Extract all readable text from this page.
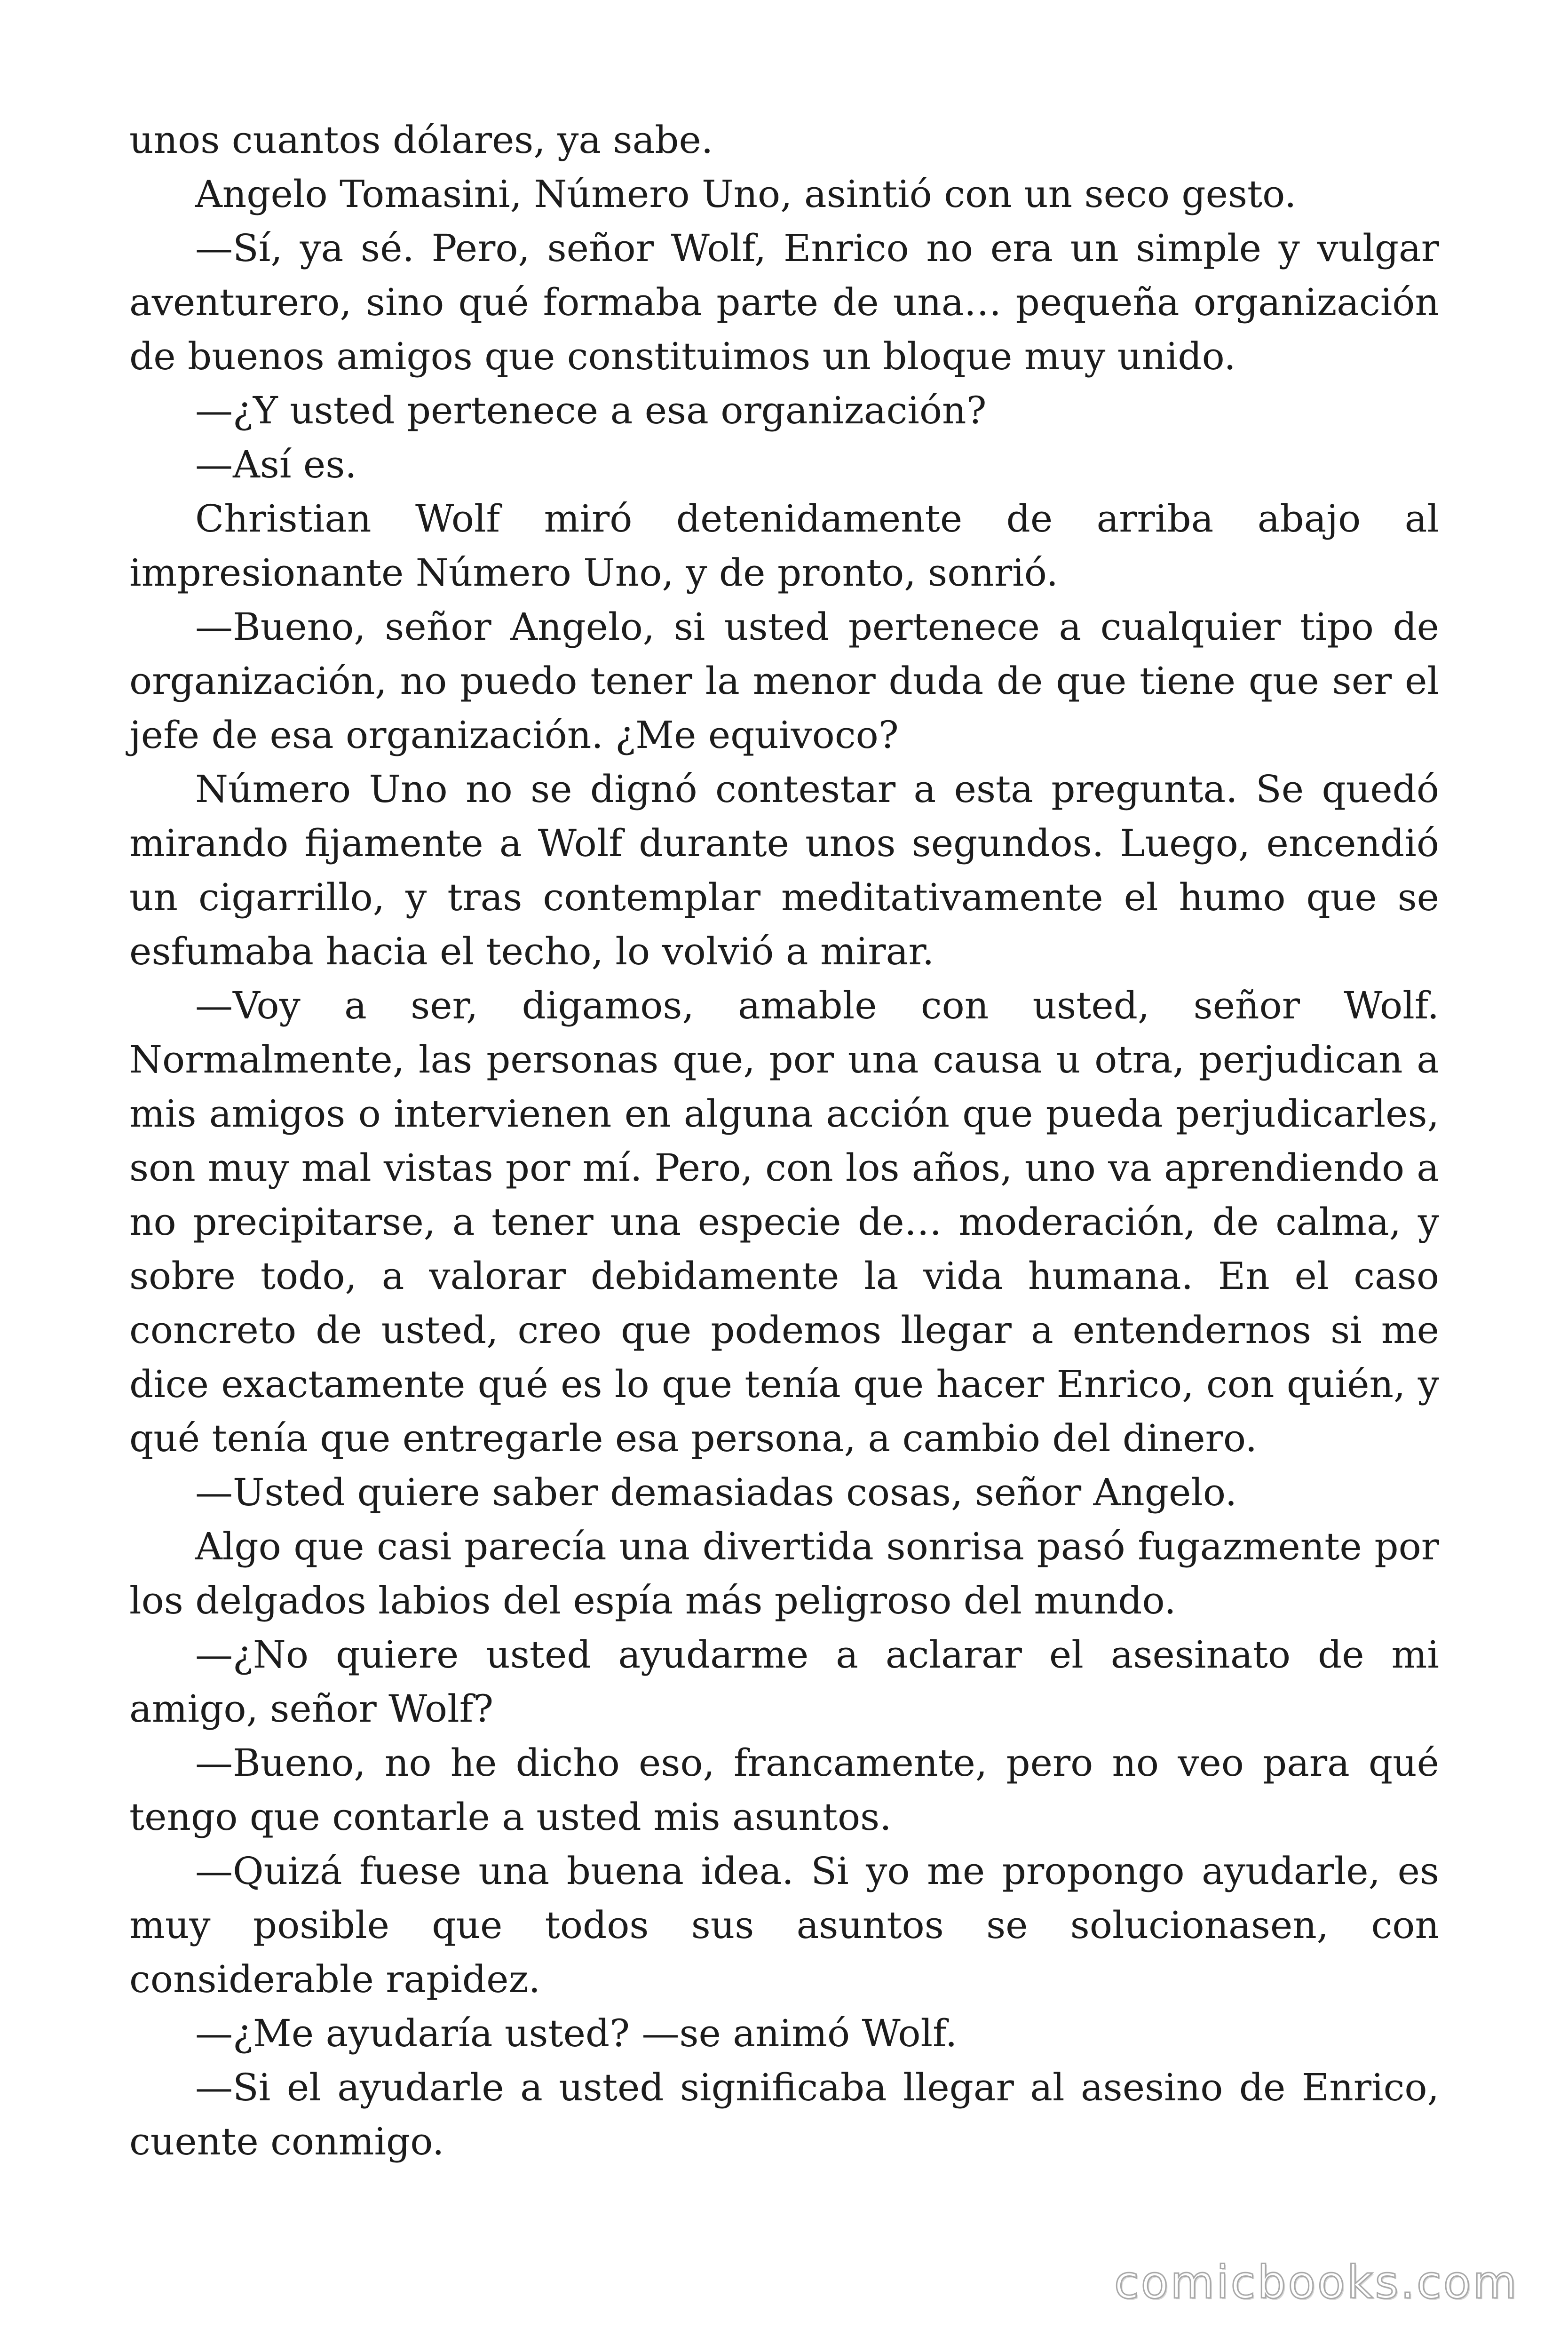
unos cuantos dólares, ya sabe.

Angelo Tomasini, Número Uno, asintió con un seco gesto.

—Sí, ya sé. Pero, señor Wolf, Enrico no era un simple y vulgar aventurero, sino qué formaba parte de una… pequeña organización de buenos amigos que constituimos un bloque muy unido.

—¿Y usted pertenece a esa organización?

—Así es.

Christian Wolf miró detenidamente de arriba abajo al impresionante Número Uno, y de pronto, sonrió.

—Bueno, señor Angelo, si usted pertenece a cualquier tipo de organización, no puedo tener la menor duda de que tiene que ser el jefe de esa organización. ¿Me equivoco?

Número Uno no se dignó contestar a esta pregunta. Se quedó mirando fijamente a Wolf durante unos segundos. Luego, encendió un cigarrillo, y tras contemplar meditativamente el humo que se esfumaba hacia el techo, lo volvió a mirar.

—Voy a ser, digamos, amable con usted, señor Wolf. Normalmente, las personas que, por una causa u otra, perjudican a mis amigos o intervienen en alguna acción que pueda perjudicarles, son muy mal vistas por mí. Pero, con los años, uno va aprendiendo a no precipitarse, a tener una especie de… moderación, de calma, y sobre todo, a valorar debidamente la vida humana. En el caso concreto de usted, creo que podemos llegar a entendernos si me dice exactamente qué es lo que tenía que hacer Enrico, con quién, y qué tenía que entregarle esa persona, a cambio del dinero.

—Usted quiere saber demasiadas cosas, señor Angelo.

Algo que casi parecía una divertida sonrisa pasó fugazmente por los delgados labios del espía más peligroso del mundo.

—¿No quiere usted ayudarme a aclarar el asesinato de mi amigo, señor Wolf?

—Bueno, no he dicho eso, francamente, pero no veo para qué tengo que contarle a usted mis asuntos.

—Quizá fuese una buena idea. Si yo me propongo ayudarle, es muy posible que todos sus asuntos se solucionasen, con considerable rapidez.

—¿Me ayudaría usted? —se animó Wolf.

—Si el ayudarle a usted significaba llegar al asesino de Enrico, cuente conmigo.

comicbooks.com
